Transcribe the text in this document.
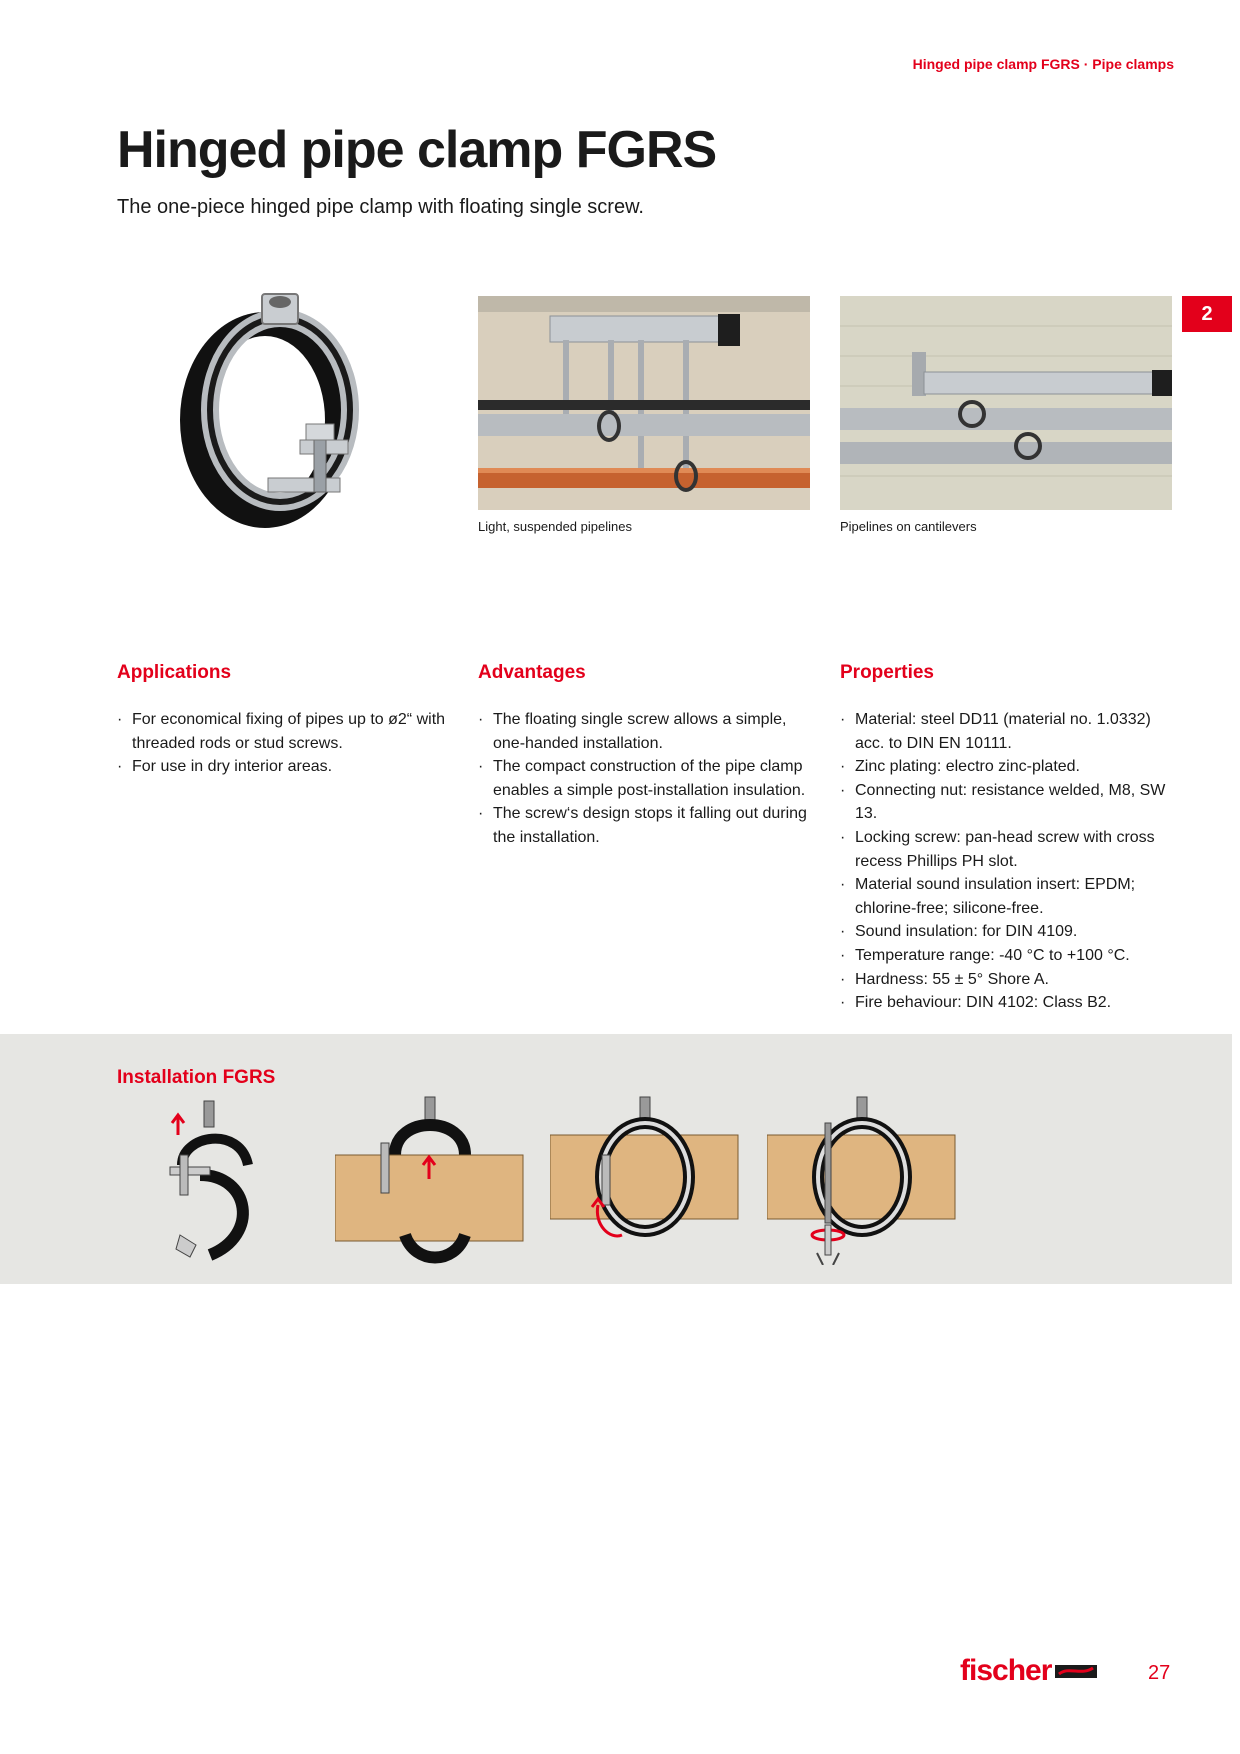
Hinged pipe clamp FGRS · Pipe clamps
Hinged pipe clamp FGRS

The one-piece hinged pipe clamp with floating single screw.

2
Light, suspended pipelines	Pipelines on cantilevers
Applications
· For economical fixing of pipes up to ø2“ with threaded rods or stud screws.
· For use in dry interior areas.
Advantages
· The floating single screw allows a simple, one-handed installation.
· The compact construction of the pipe clamp enables a simple post-installation insulation.
· The screw‘s design stops it falling out during the installation.
Properties
· Material: steel DD11 (material no. 1.0332) acc. to DIN EN 10111.
· Zinc plating: electro zinc-plated.
· Connecting nut: resistance welded, M8, SW 13.
· Locking screw: pan-head screw with cross recess Phillips PH slot.
· Material sound insulation insert: EPDM; chlorine-free; silicone-free.
· Sound insulation: for DIN 4109.
· Temperature range: -40 °C to +100 °C.
· Hardness: 55 ± 5° Shore A.
· Fire behaviour: DIN 4102: Class B2.
Installation FGRS
fischer	27
